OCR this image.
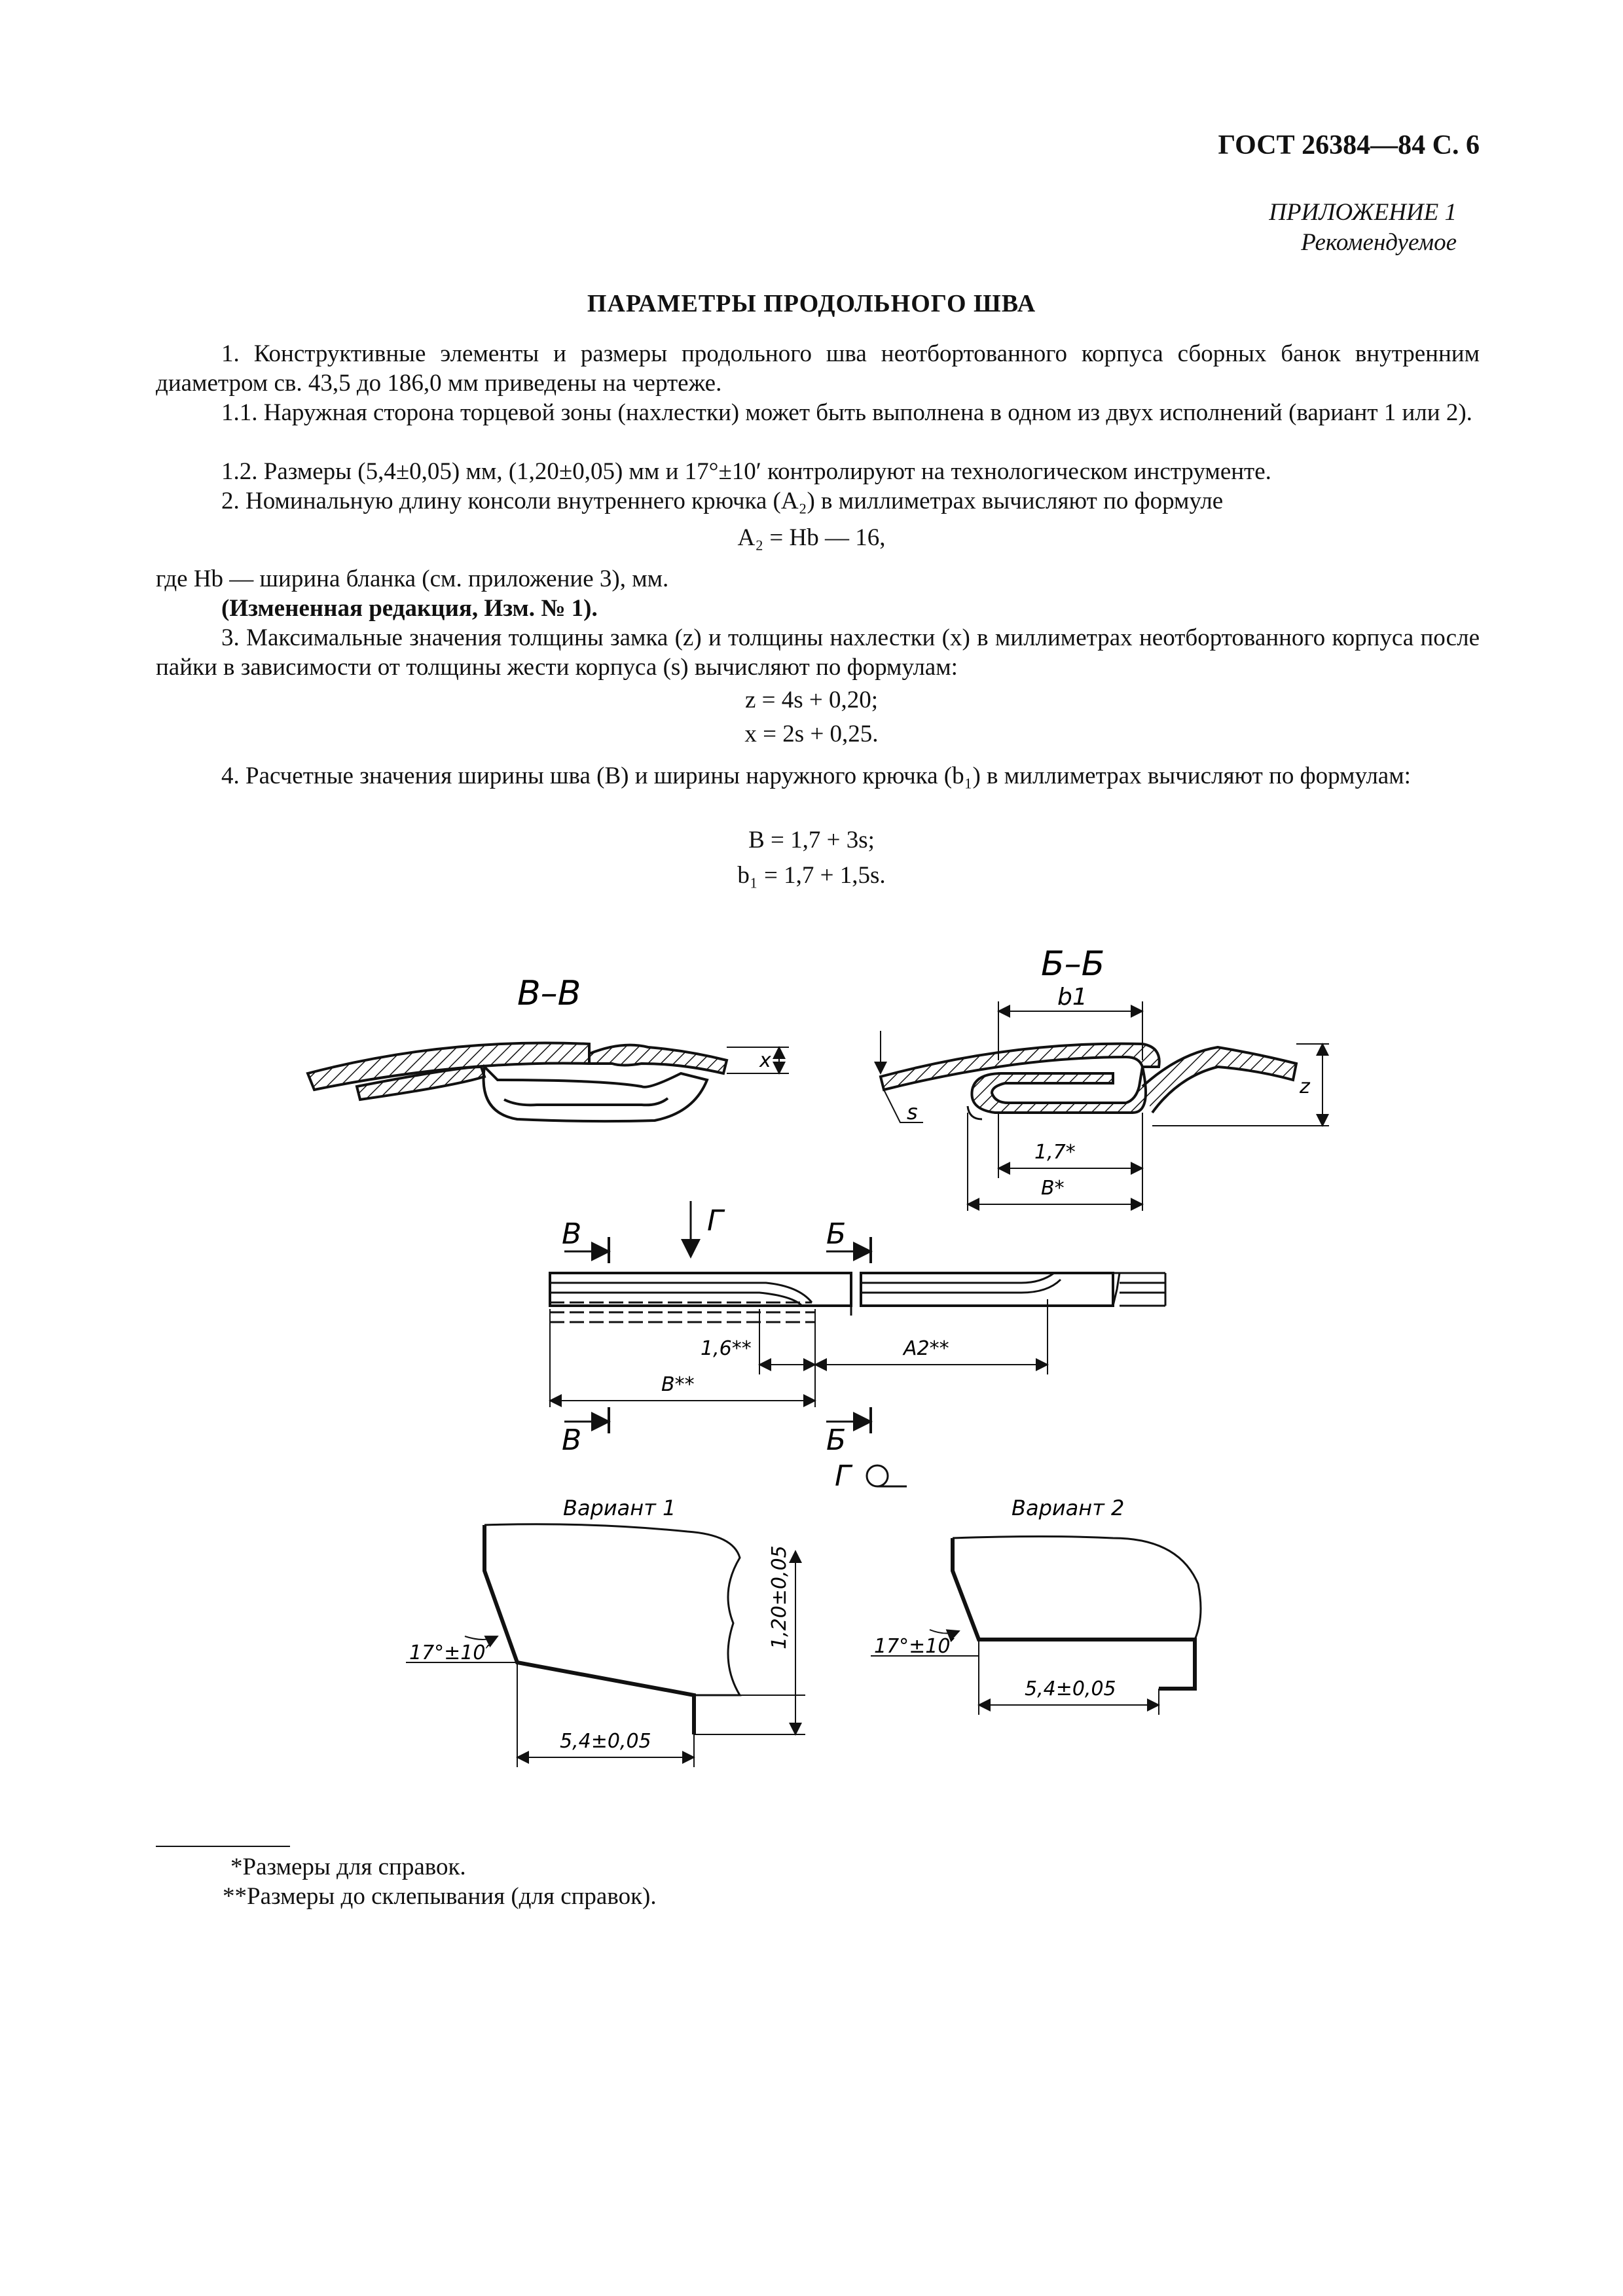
ГОСТ 26384—84 С. 6
ПРИЛОЖЕНИЕ 1
Рекомендуемое
ПАРАМЕТРЫ ПРОДОЛЬНОГО ШВА
1. Конструктивные элементы и размеры продольного шва неотбортованного корпуса сборных банок внутренним диаметром св. 43,5 до 186,0 мм приведены на чертеже.
1.1. Наружная сторона торцевой зоны (нахлестки) может быть выполнена в одном из двух исполнений (вариант 1 или 2).
1.2. Размеры (5,4±0,05) мм, (1,20±0,05) мм и 17°±10′ контролируют на технологическом инструменте.
2. Номинальную длину консоли внутреннего крючка (A₂) в миллиметрах вычисляют по формуле
A₂ = Hb — 16,
где Hb — ширина бланка (см. приложение 3), мм.
(Измененная редакция, Изм. № 1).
3. Максимальные значения толщины замка (z) и толщины нахлестки (x) в миллиметрах неотбортованного корпуса после пайки в зависимости от толщины жести корпуса (s) вычисляют по формулам:
z = 4s + 0,20;
x = 2s + 0,25.
4. Расчетные значения ширины шва (B) и ширины наружного крючка (b₁) в миллиметрах вычисляют по формулам:
B = 1,7 + 3s;
b₁ = 1,7 + 1,5s.
В–В
x
Б–Б
b1
s
z
1,7*
B*
В	Г	Б
1,6**	A2**
B**
В	Б
Г
Вариант 1
5,4±0,05
1,20±0,05
17°±10′
Вариант 2
5,4±0,05
17°±10′
*Размеры для справок.
**Размеры до склепывания (для справок).
